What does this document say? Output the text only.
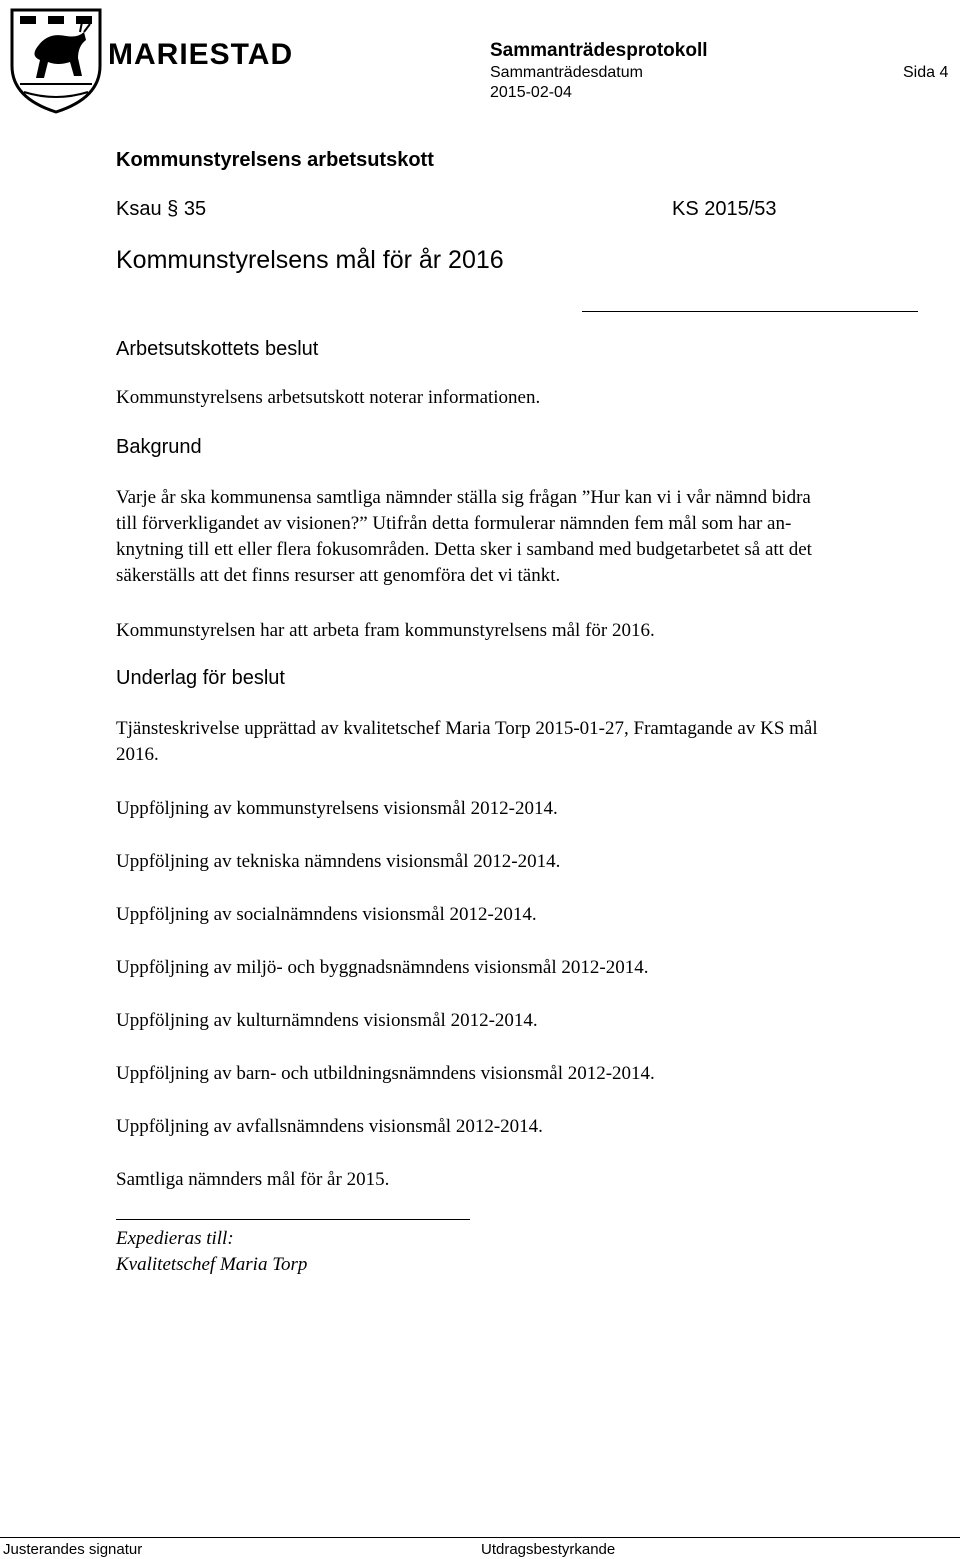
MARIESTAD	Sammanträdesprotokoll
Sammanträdesdatum	Sida 4
2015-02-04
Kommunstyrelsens arbetsutskott
Ksau § 35	KS 2015/53
Kommunstyrelsens mål för år 2016
Arbetsutskottets beslut

Kommunstyrelsens arbetsutskott noterar informationen.

Bakgrund

Varje år ska kommunensa samtliga nämnder ställa sig frågan ”Hur kan vi i vår nämnd bidra
till förverkligandet av visionen?” Utifrån detta formulerar nämnden fem mål som har an-
knytning till ett eller flera fokusområden. Detta sker i samband med budgetarbetet så att det
säkerställs att det finns resurser att genomföra det vi tänkt.

Kommunstyrelsen har att arbeta fram kommunstyrelsens mål för 2016.

Underlag för beslut

Tjänsteskrivelse upprättad av kvalitetschef Maria Torp 2015-01-27, Framtagande av KS mål
2016.

Uppföljning av kommunstyrelsens visionsmål 2012-2014.
Uppföljning av tekniska nämndens visionsmål 2012-2014.
Uppföljning av socialnämndens visionsmål 2012-2014.
Uppföljning av miljö- och byggnadsnämndens visionsmål 2012-2014.
Uppföljning av kulturnämndens visionsmål 2012-2014.
Uppföljning av barn- och utbildningsnämndens visionsmål 2012-2014.
Uppföljning av avfallsnämndens visionsmål 2012-2014.
Samtliga nämnders mål för år 2015.
Expedieras till:
Kvalitetschef Maria Torp
Justerandes signatur	Utdragsbestyrkande
